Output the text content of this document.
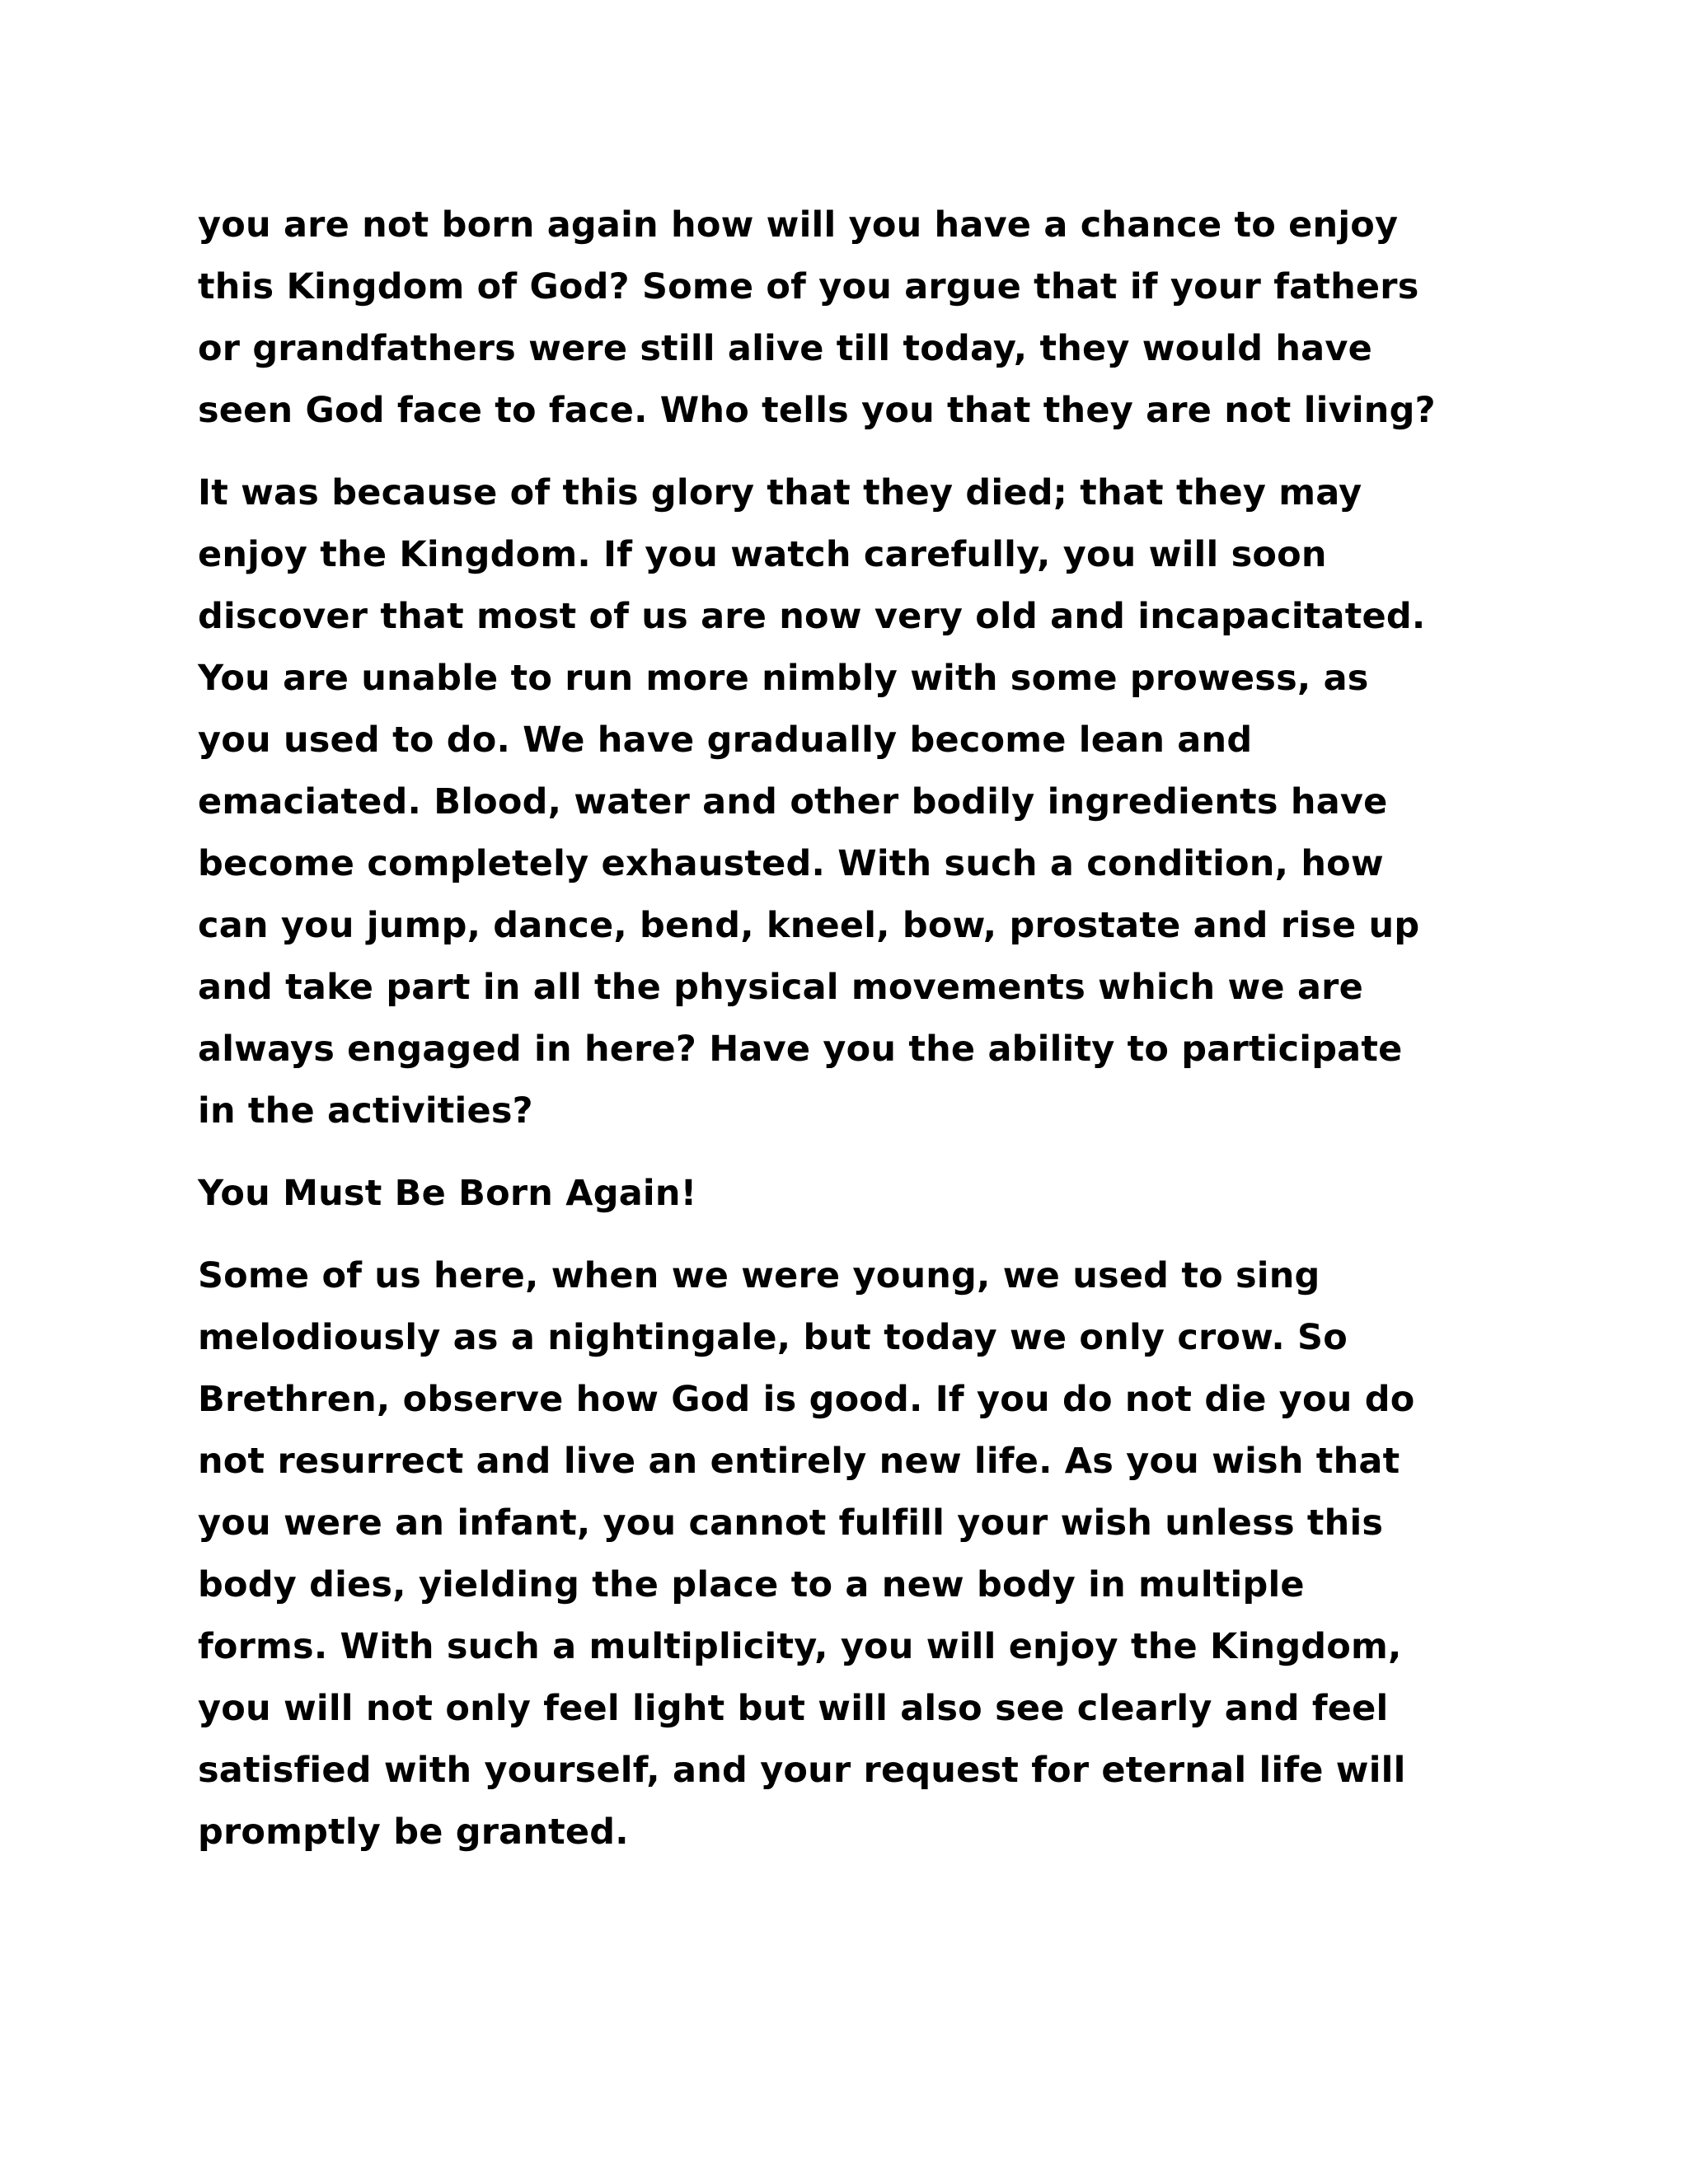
you are not born again how will you have a chance to enjoy
this Kingdom of God? Some of you argue that if your fathers
or grandfathers were still alive till today, they would have
seen God face to face. Who tells you that they are not living?
It was because of this glory that they died; that they may
enjoy the Kingdom. If you watch carefully, you will soon
discover that most of us are now very old and incapacitated.
You are unable to run more nimbly with some prowess, as
you used to do. We have gradually become lean and
emaciated. Blood, water and other bodily ingredients have
become completely exhausted. With such a condition, how
can you jump, dance, bend, kneel, bow, prostate and rise up
and take part in all the physical movements which we are
always engaged in here? Have you the ability to participate
in the activities?
You Must Be Born Again!
Some of us here, when we were young, we used to sing
melodiously as a nightingale, but today we only crow. So
Brethren, observe how God is good. If you do not die you do
not resurrect and live an entirely new life. As you wish that
you were an infant, you cannot fulfill your wish unless this
body dies, yielding the place to a new body in multiple
forms. With such a multiplicity, you will enjoy the Kingdom,
you will not only feel light but will also see clearly and feel
satisfied with yourself, and your request for eternal life will
promptly be granted.
